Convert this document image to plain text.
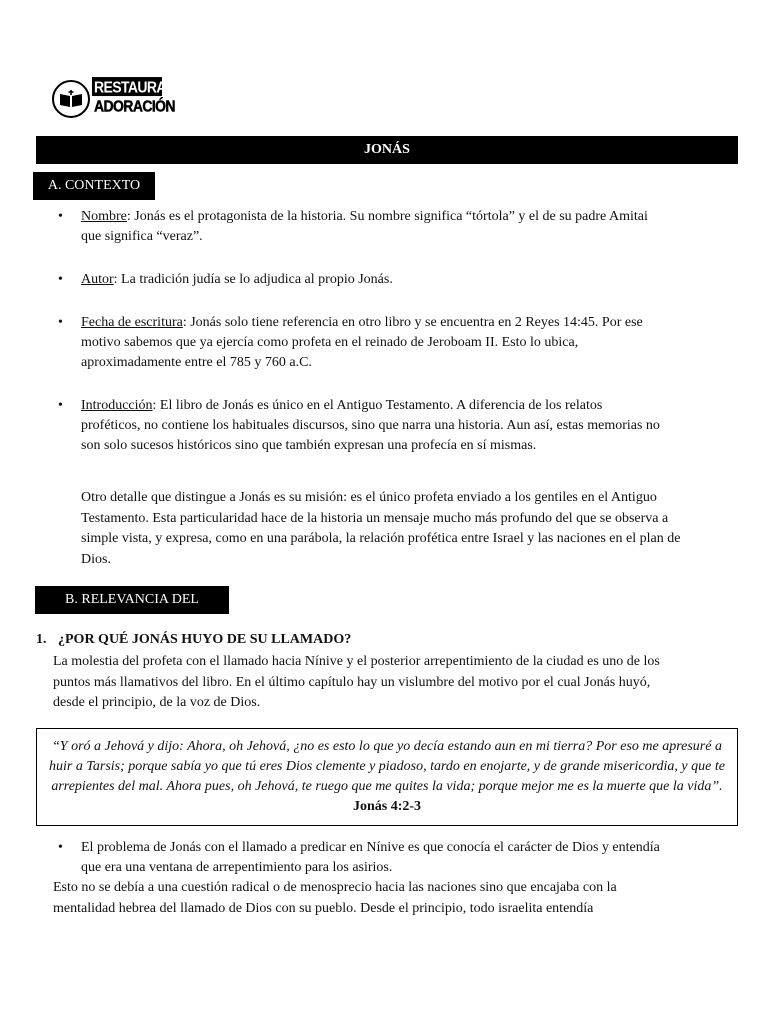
RESTAURACIÓN
ADORACIÓN
JONÁS
A. CONTEXTO
• Nombre: Jonás es el protagonista de la historia. Su nombre significa “tórtola” y el de su padre Amitai que significa “veraz”.
• Autor: La tradición judía se lo adjudica al propio Jonás.
• Fecha de escritura: Jonás solo tiene referencia en otro libro y se encuentra en 2 Reyes 14:45. Por ese motivo sabemos que ya ejercía como profeta en el reinado de Jeroboam II. Esto lo ubica, aproximadamente entre el 785 y 760 a.C.
• Introducción: El libro de Jonás es único en el Antiguo Testamento. A diferencia de los relatos proféticos, no contiene los habituales discursos, sino que narra una historia. Aun así, estas memorias no son solo sucesos históricos sino que también expresan una profecía en sí mismas.
Otro detalle que distingue a Jonás es su misión: es el único profeta enviado a los gentiles en el Antiguo Testamento. Esta particularidad hace de la historia un mensaje mucho más profundo del que se observa a simple vista, y expresa, como en una parábola, la relación profética entre Israel y las naciones en el plan de Dios.
B. RELEVANCIA DEL
1. ¿POR QUÉ JONÁS HUYO DE SU LLAMADO?
La molestia del profeta con el llamado hacia Nínive y el posterior arrepentimiento de la ciudad es uno de los puntos más llamativos del libro. En el último capítulo hay un vislumbre del motivo por el cual Jonás huyó, desde el principio, de la voz de Dios.
“Y oró a Jehová y dijo: Ahora, oh Jehová, ¿no es esto lo que yo decía estando aun en mi tierra? Por eso me apresuré a huir a Tarsis; porque sabía yo que tú eres Dios clemente y piadoso, tardo en enojarte, y de grande misericordia, y que te arrepientes del mal. Ahora pues, oh Jehová, te ruego que me quites la vida; porque mejor me es la muerte que la vida”. Jonás 4:2-3
• El problema de Jonás con el llamado a predicar en Nínive es que conocía el carácter de Dios y entendía que era una ventana de arrepentimiento para los asirios.
Esto no se debía a una cuestión radical o de menosprecio hacia las naciones sino que encajaba con la mentalidad hebrea del llamado de Dios con su pueblo. Desde el principio, todo israelita entendía
